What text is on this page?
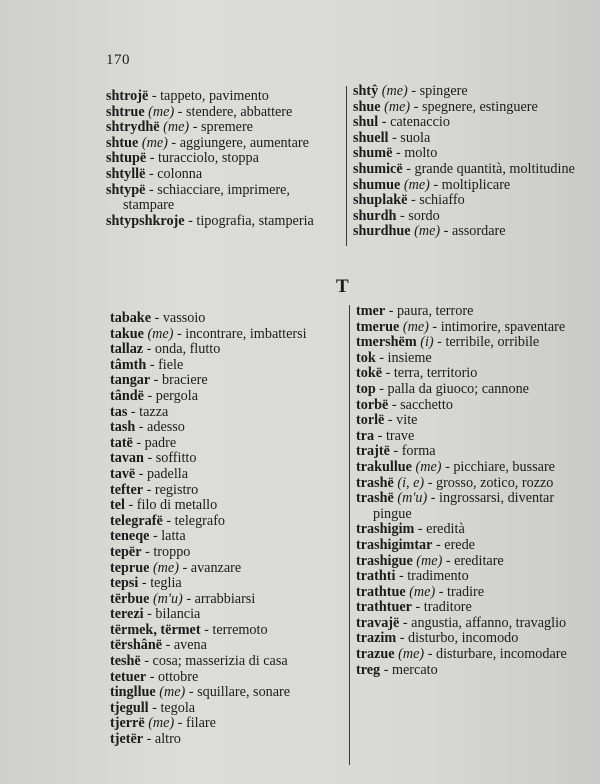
170
T
shtrojë - tappeto, pavimento
shtrue (me) - stendere, abbattere
shtrydhë (me) - spremere
shtue (me) - aggiungere, aumentare
shtupë - turacciolo, stoppa
shtyllë - colonna
shtypë - schiacciare, imprimere, stampare
shtypshkroje - tipografia, stamperia
shtŷ (me) - spingere
shue (me) - spegnere, estinguere
shul - catenaccio
shuell - suola
shumë - molto
shumicë - grande quantità, moltitudine
shumue (me) - moltiplicare
shuplakë - schiaffo
shurdh - sordo
shurdhue (me) - assordare
tabake - vassoio
takue (me) - incontrare, imbattersi
tallaz - onda, flutto
tâmth - fiele
tangar - braciere
tândë - pergola
tas - tazza
tash - adesso
tatë - padre
tavan - soffitto
tavë - padella
tefter - registro
tel - filo di metallo
telegrafë - telegrafo
teneqe - latta
tepër - troppo
teprue (me) - avanzare
tepsi - teglia
tërbue (m'u) - arrabbiarsi
terezi - bilancia
tërmek, tërmet - terremoto
tërshânë - avena
teshë - cosa; masserizia di casa
tetuer - ottobre
tingllue (me) - squillare, sonare
tjegull - tegola
tjerrë (me) - filare
tjetër - altro
tmer - paura, terrore
tmerue (me) - intimorire, spaventare
tmershëm (i) - terribile, orribile
tok - insieme
tokë - terra, territorio
top - palla da giuoco; cannone
torbë - sacchetto
torlë - vite
tra - trave
trajtë - forma
trakullue (me) - picchiare, bussare
trashë (i, e) - grosso, zotico, rozzo
trashë (m'u) - ingrossarsi, diventar pingue
trashigim - eredità
trashigimtar - erede
trashigue (me) - ereditare
trathti - tradimento
trathtue (me) - tradire
trathtuer - traditore
travajë - angustia, affanno, travaglio
trazim - disturbo, incomodo
trazue (me) - disturbare, incomodare
treg - mercato
